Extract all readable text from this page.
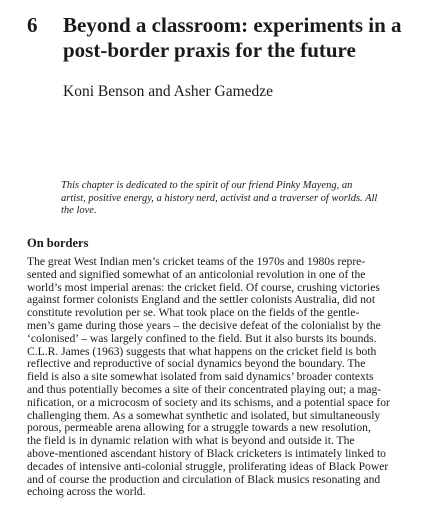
6 Beyond a classroom: experiments in a
post-border praxis for the future

Koni Benson and Asher Gamedze

This chapter is dedicated to the spirit of our friend Pinky Mayeng, an
artist, positive energy, a history nerd, activist and a traverser of worlds. All
the love.

On borders

The great West Indian men’s cricket teams of the 1970s and 1980s repre-
sented and signified somewhat of an anticolonial revolution in one of the
world’s most imperial arenas: the cricket field. Of course, crushing victories
against former colonists England and the settler colonists Australia, did not
constitute revolution per se. What took place on the fields of the gentle-
men’s game during those years – the decisive defeat of the colonialist by the
‘colonised’ – was largely confined to the field. But it also bursts its bounds.
C.L.R. James (1963) suggests that what happens on the cricket field is both
reflective and reproductive of social dynamics beyond the boundary. The
field is also a site somewhat isolated from said dynamics’ broader contexts
and thus potentially becomes a site of their concentrated playing out; a mag-
nification, or a microcosm of society and its schisms, and a potential space for
challenging them. As a somewhat synthetic and isolated, but simultaneously
porous, permeable arena allowing for a struggle towards a new resolution,
the field is in dynamic relation with what is beyond and outside it. The
above-mentioned ascendant history of Black cricketers is intimately linked to
decades of intensive anti-colonial struggle, proliferating ideas of Black Power
and of course the production and circulation of Black musics resonating and
echoing across the world.
